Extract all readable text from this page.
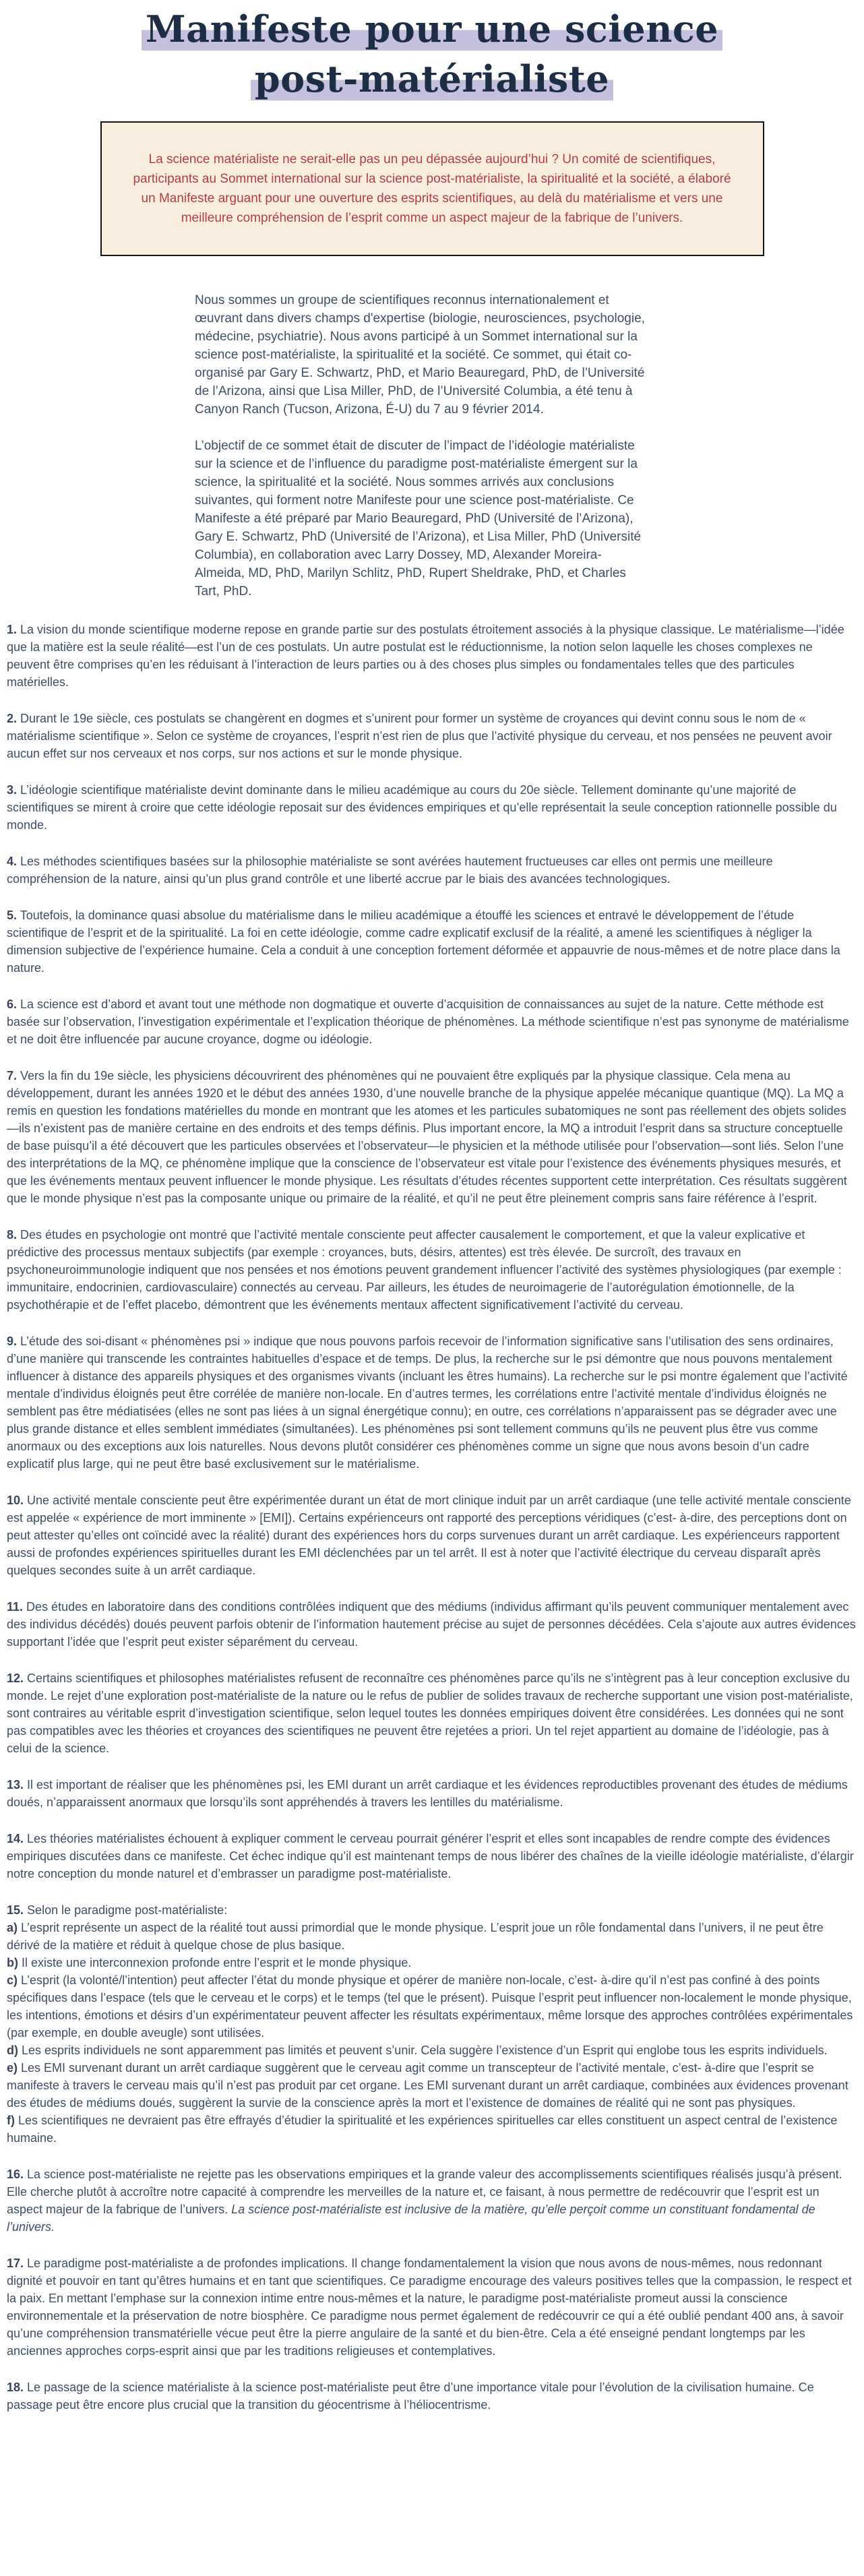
Manifeste pour une science
post-matérialiste

La science matérialiste ne serait-elle pas un peu dépassée aujourd’hui ? Un comité de scientifiques, participants au Sommet international sur la science post-matérialiste, la spiritualité et la société, a élaboré un Manifeste arguant pour une ouverture des esprits scientifiques, au delà du matérialisme et vers une meilleure compréhension de l’esprit comme un aspect majeur de la fabrique de l’univers.

Nous sommes un groupe de scientifiques reconnus internationalement et œuvrant dans divers champs d'expertise (biologie, neurosciences, psychologie, médecine, psychiatrie). Nous avons participé à un Sommet international sur la science post-matérialiste, la spiritualité et la société. Ce sommet, qui était co-organisé par Gary E. Schwartz, PhD, et Mario Beauregard, PhD, de l’Université de l’Arizona, ainsi que Lisa Miller, PhD, de l’Université Columbia, a été tenu à Canyon Ranch (Tucson, Arizona, É-U) du 7 au 9 février 2014.

L’objectif de ce sommet était de discuter de l’impact de l’idéologie matérialiste sur la science et de l’influence du paradigme post-matérialiste émergent sur la science, la spiritualité et la société. Nous sommes arrivés aux conclusions suivantes, qui forment notre Manifeste pour une science post-matérialiste. Ce Manifeste a été préparé par Mario Beauregard, PhD (Université de l’Arizona), Gary E. Schwartz, PhD (Université de l’Arizona), et Lisa Miller, PhD (Université Columbia), en collaboration avec Larry Dossey, MD, Alexander Moreira-Almeida, MD, PhD, Marilyn Schlitz, PhD, Rupert Sheldrake, PhD, et Charles Tart, PhD.

1. La vision du monde scientifique moderne repose en grande partie sur des postulats étroitement associés à la physique classique. Le matérialisme—l’idée que la matière est la seule réalité—est l’un de ces postulats. Un autre postulat est le réductionnisme, la notion selon laquelle les choses complexes ne peuvent être comprises qu’en les réduisant à l’interaction de leurs parties ou à des choses plus simples ou fondamentales telles que des particules matérielles.

2. Durant le 19e siècle, ces postulats se changèrent en dogmes et s’unirent pour former un système de croyances qui devint connu sous le nom de « matérialisme scientifique ». Selon ce système de croyances, l’esprit n’est rien de plus que l’activité physique du cerveau, et nos pensées ne peuvent avoir aucun effet sur nos cerveaux et nos corps, sur nos actions et sur le monde physique.

3. L’idéologie scientifique matérialiste devint dominante dans le milieu académique au cours du 20e siècle. Tellement dominante qu’une majorité de scientifiques se mirent à croire que cette idéologie reposait sur des évidences empiriques et qu’elle représentait la seule conception rationnelle possible du monde.

4. Les méthodes scientifiques basées sur la philosophie matérialiste se sont avérées hautement fructueuses car elles ont permis une meilleure compréhension de la nature, ainsi qu’un plus grand contrôle et une liberté accrue par le biais des avancées technologiques.

5. Toutefois, la dominance quasi absolue du matérialisme dans le milieu académique a étouffé les sciences et entravé le développement de l’étude scientifique de l’esprit et de la spiritualité. La foi en cette idéologie, comme cadre explicatif exclusif de la réalité, a amené les scientifiques à négliger la dimension subjective de l’expérience humaine. Cela a conduit à une conception fortement déformée et appauvrie de nous-mêmes et de notre place dans la nature.

6. La science est d’abord et avant tout une méthode non dogmatique et ouverte d’acquisition de connaissances au sujet de la nature. Cette méthode est basée sur l’observation, l’investigation expérimentale et l’explication théorique de phénomènes. La méthode scientifique n’est pas synonyme de matérialisme et ne doit être influencée par aucune croyance, dogme ou idéologie.

7. Vers la fin du 19e siècle, les physiciens découvrirent des phénomènes qui ne pouvaient être expliqués par la physique classique. Cela mena au développement, durant les années 1920 et le début des années 1930, d’une nouvelle branche de la physique appelée mécanique quantique (MQ). La MQ a remis en question les fondations matérielles du monde en montrant que les atomes et les particules subatomiques ne sont pas réellement des objets solides—ils n’existent pas de manière certaine en des endroits et des temps définis. Plus important encore, la MQ a introduit l’esprit dans sa structure conceptuelle de base puisqu’il a été découvert que les particules observées et l’observateur—le physicien et la méthode utilisée pour l’observation—sont liés. Selon l’une des interprétations de la MQ, ce phénomène implique que la conscience de l’observateur est vitale pour l’existence des événements physiques mesurés, et que les événements mentaux peuvent influencer le monde physique. Les résultats d’études récentes supportent cette interprétation. Ces résultats suggèrent que le monde physique n’est pas la composante unique ou primaire de la réalité, et qu’il ne peut être pleinement compris sans faire référence à l’esprit.

8. Des études en psychologie ont montré que l’activité mentale consciente peut affecter causalement le comportement, et que la valeur explicative et prédictive des processus mentaux subjectifs (par exemple : croyances, buts, désirs, attentes) est très élevée. De surcroît, des travaux en psychoneuroimmunologie indiquent que nos pensées et nos émotions peuvent grandement influencer l’activité des systèmes physiologiques (par exemple : immunitaire, endocrinien, cardiovasculaire) connectés au cerveau. Par ailleurs, les études de neuroimagerie de l’autorégulation émotionnelle, de la psychothérapie et de l’effet placebo, démontrent que les événements mentaux affectent significativement l’activité du cerveau.

9. L’étude des soi-disant « phénomènes psi » indique que nous pouvons parfois recevoir de l’information significative sans l’utilisation des sens ordinaires, d’une manière qui transcende les contraintes habituelles d’espace et de temps. De plus, la recherche sur le psi démontre que nous pouvons mentalement influencer à distance des appareils physiques et des organismes vivants (incluant les êtres humains). La recherche sur le psi montre également que l’activité mentale d’individus éloignés peut être corrélée de manière non-locale. En d’autres termes, les corrélations entre l’activité mentale d’individus éloignés ne semblent pas être médiatisées (elles ne sont pas liées à un signal énergétique connu); en outre, ces corrélations n’apparaissent pas se dégrader avec une plus grande distance et elles semblent immédiates (simultanées). Les phénomènes psi sont tellement communs qu’ils ne peuvent plus être vus comme anormaux ou des exceptions aux lois naturelles. Nous devons plutôt considérer ces phénomènes comme un signe que nous avons besoin d’un cadre explicatif plus large, qui ne peut être basé exclusivement sur le matérialisme.

10. Une activité mentale consciente peut être expérimentée durant un état de mort clinique induit par un arrêt cardiaque (une telle activité mentale consciente est appelée « expérience de mort imminente » [EMI]). Certains expérienceurs ont rapporté des perceptions véridiques (c’est- à-dire, des perceptions dont on peut attester qu’elles ont coïncidé avec la réalité) durant des expériences hors du corps survenues durant un arrêt cardiaque. Les expérienceurs rapportent aussi de profondes expériences spirituelles durant les EMI déclenchées par un tel arrêt. Il est à noter que l’activité électrique du cerveau disparaît après quelques secondes suite à un arrêt cardiaque.

11. Des études en laboratoire dans des conditions contrôlées indiquent que des médiums (individus affirmant qu’ils peuvent communiquer mentalement avec des individus décédés) doués peuvent parfois obtenir de l’information hautement précise au sujet de personnes décédées. Cela s’ajoute aux autres évidences supportant l’idée que l’esprit peut exister séparément du cerveau.

12. Certains scientifiques et philosophes matérialistes refusent de reconnaître ces phénomènes parce qu’ils ne s’intègrent pas à leur conception exclusive du monde. Le rejet d’une exploration post-matérialiste de la nature ou le refus de publier de solides travaux de recherche supportant une vision post-matérialiste, sont contraires au véritable esprit d’investigation scientifique, selon lequel toutes les données empiriques doivent être considérées. Les données qui ne sont pas compatibles avec les théories et croyances des scientifiques ne peuvent être rejetées a priori. Un tel rejet appartient au domaine de l’idéologie, pas à celui de la science.

13. Il est important de réaliser que les phénomènes psi, les EMI durant un arrêt cardiaque et les évidences reproductibles provenant des études de médiums doués, n’apparaissent anormaux que lorsqu’ils sont appréhendés à travers les lentilles du matérialisme.

14. Les théories matérialistes échouent à expliquer comment le cerveau pourrait générer l’esprit et elles sont incapables de rendre compte des évidences empiriques discutées dans ce manifeste. Cet échec indique qu’il est maintenant temps de nous libérer des chaînes de la vieille idéologie matérialiste, d’élargir notre conception du monde naturel et d’embrasser un paradigme post-matérialiste.

15. Selon le paradigme post-matérialiste:

a) L’esprit représente un aspect de la réalité tout aussi primordial que le monde physique. L’esprit joue un rôle fondamental dans l’univers, il ne peut être dérivé de la matière et réduit à quelque chose de plus basique.

b) Il existe une interconnexion profonde entre l’esprit et le monde physique.

c) L’esprit (la volonté/l’intention) peut affecter l’état du monde physique et opérer de manière non-locale, c’est- à-dire qu’il n’est pas confiné à des points spécifiques dans l’espace (tels que le cerveau et le corps) et le temps (tel que le présent). Puisque l’esprit peut influencer non-localement le monde physique, les intentions, émotions et désirs d’un expérimentateur peuvent affecter les résultats expérimentaux, même lorsque des approches contrôlées expérimentales (par exemple, en double aveugle) sont utilisées.

d) Les esprits individuels ne sont apparemment pas limités et peuvent s’unir. Cela suggère l’existence d’un Esprit qui englobe tous les esprits individuels.

e) Les EMI survenant durant un arrêt cardiaque suggèrent que le cerveau agit comme un transcepteur de l’activité mentale, c’est- à-dire que l’esprit se manifeste à travers le cerveau mais qu’il n’est pas produit par cet organe. Les EMI survenant durant un arrêt cardiaque, combinées aux évidences provenant des études de médiums doués, suggèrent la survie de la conscience après la mort et l’existence de domaines de réalité qui ne sont pas physiques.

f) Les scientifiques ne devraient pas être effrayés d’étudier la spiritualité et les expériences spirituelles car elles constituent un aspect central de l’existence humaine.

16. La science post-matérialiste ne rejette pas les observations empiriques et la grande valeur des accomplissements scientifiques réalisés jusqu’à présent. Elle cherche plutôt à accroître notre capacité à comprendre les merveilles de la nature et, ce faisant, à nous permettre de redécouvrir que l’esprit est un aspect majeur de la fabrique de l’univers. La science post-matérialiste est inclusive de la matière, qu’elle perçoit comme un constituant fondamental de l’univers.

17. Le paradigme post-matérialiste a de profondes implications. Il change fondamentalement la vision que nous avons de nous-mêmes, nous redonnant dignité et pouvoir en tant qu’êtres humains et en tant que scientifiques. Ce paradigme encourage des valeurs positives telles que la compassion, le respect et la paix. En mettant l’emphase sur la connexion intime entre nous-mêmes et la nature, le paradigme post-matérialiste promeut aussi la conscience environnementale et la préservation de notre biosphère. Ce paradigme nous permet également de redécouvrir ce qui a été oublié pendant 400 ans, à savoir qu’une compréhension transmatérielle vécue peut être la pierre angulaire de la santé et du bien-être. Cela a été enseigné pendant longtemps par les anciennes approches corps-esprit ainsi que par les traditions religieuses et contemplatives.

18. Le passage de la science matérialiste à la science post-matérialiste peut être d’une importance vitale pour l’évolution de la civilisation humaine. Ce passage peut être encore plus crucial que la transition du géocentrisme à l’héliocentrisme.
